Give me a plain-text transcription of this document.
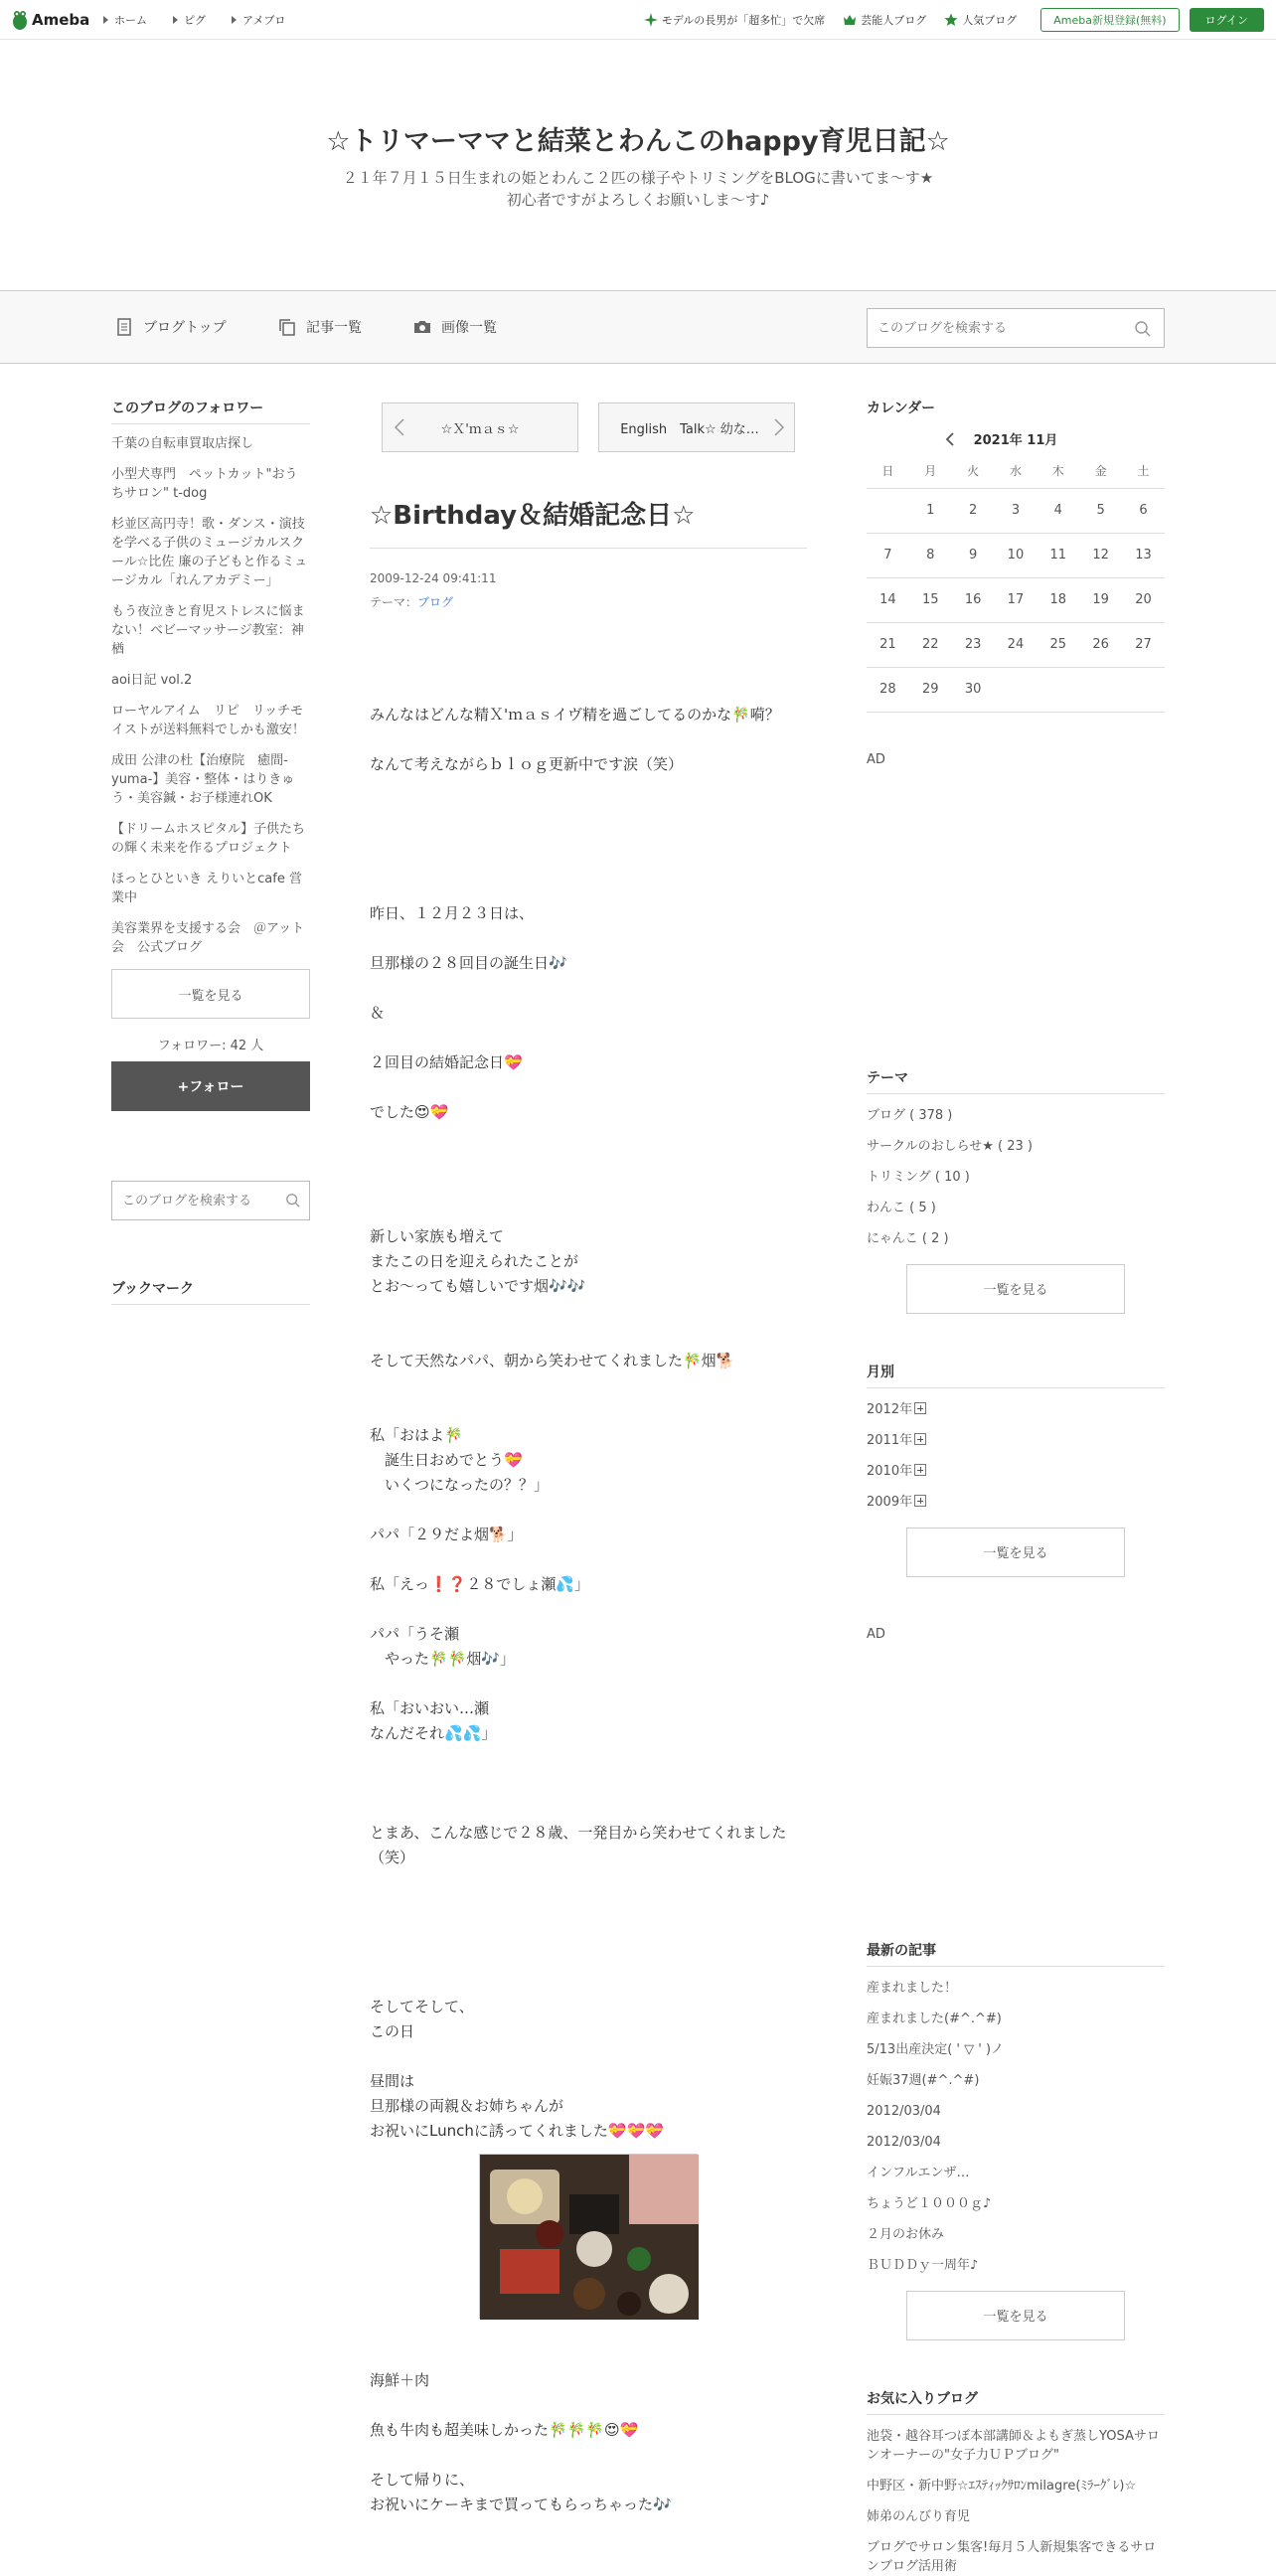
Ameba ホーム	ピグ	アメブロ	モデルの長男が「超多忙」で欠席	芸能人ブログ	人気ブログ	Ameba新規登録(無料)	ログイン
☆トリマーママと結菜とわんこのhappy育児日記☆
２１年７月１５日生まれの姫とわんこ２匹の様子やトリミングをBLOGに書いてま～す★
初心者ですがよろしくお願いしま～す♪
ブログトップ	記事一覧	画像一覧
このブログを検索する
このブログのフォロワー
千葉の自転車買取店探し
小型犬専門　ペットカット"おうちサロン" t-dog
杉並区高円寺！歌・ダンス・演技を学べる子供のミュージカルスクール☆比佐 廉の子どもと作るミュージカル「れんアカデミー」
もう夜泣きと育児ストレスに悩まない！ベビーマッサージ教室：神楢
aoi日記 vol.2
ローヤルアイム　リピ　リッチモイストが送料無料でしかも激安！
成田 公津の杜【治療院　癒間-yuma-】美容・整体・はりきゅう・美容鍼・お子様連れOK
【ドリームホスピタル】子供たちの輝く未来を作るプロジェクト
ほっとひといき えりいとcafe 営業中
美容業界を支援する会　＠アット会　公式ブログ
一覧を見る
フォロワー: 42 人
+フォロー
このブログを検索する
ブックマーク
☆Ｘ'ｍａｓ☆	English　Talk☆ 幼な…
☆Birthday＆結婚記念日☆
2009-12-24 09:41:11
テーマ：ブログ
みんなはどんな精Ｘ'ｍａｓイヴ精を過ごしてるのかな🎋嗬？
なんて考えながらｂｌｏｇ更新中です涙（笑）
昨日、１２月２３日は、
旦那様の２８回目の誕生日🎶
＆
２回目の結婚記念日💝
でした😍💝
新しい家族も増えて
またこの日を迎えられたことが
とお～っても嬉しいです烟🎶🎶
そして天然なパパ、朝から笑わせてくれました🎋烟🐕
私「おはよ🎋
　誕生日おめでとう💝
　いくつになったの？？」
パパ「２９だよ烟🐕」
私「えっ❗❓２８でしょ瀬💦」
パパ「うそ瀬
　やった🎋🎋烟🎶」
私「おいおい…瀬
なんだそれ💦💦」
とまあ、こんな感じで２８歳、一発目から笑わせてくれました（笑）
そしてそして、
この日
昼間は
旦那様の両親＆お姉ちゃんが
お祝いにLunchに誘ってくれました💝💝💝
海鮮＋肉
魚も牛肉も超美味しかった🎋🎋🎋😍💝
そして帰りに、
お祝いにケーキまで買ってもらっちゃった🎶
カレンダー
2021年 11月
日	月	火	水	木	金	土
	1	2	3	4	5	6
7	8	9	10	11	12	13
14	15	16	17	18	19	20
21	22	23	24	25	26	27
28	29	30				
AD
テーマ
ブログ ( 378 )
サークルのおしらせ★ ( 23 )
トリミング ( 10 )
わんこ ( 5 )
にゃんこ ( 2 )
一覧を見る
月別
2012年
2011年
2010年
2009年
一覧を見る
AD
最新の記事
産まれました！
産まれました(#^.^#)
5/13出産決定( ' ▽ ' )ノ
妊娠37週(#^.^#)
2012/03/04
2012/03/04
インフルエンザ…
ちょうど１０００ｇ♪
２月のお休み
ＢＵＤＤｙ一周年♪
一覧を見る
お気に入りブログ
池袋・越谷耳つぼ本部講師＆よもぎ蒸しYOSAサロンオーナーの"女子力ＵＰブログ"
中野区・新中野☆ｴｽﾃｨｯｸｻﾛﾝmilagre(ﾐﾗｰｸﾞﾚ)☆
姉弟のんびり育児
ブログでサロン集客!毎月５人新規集客できるサロンブログ活用術
